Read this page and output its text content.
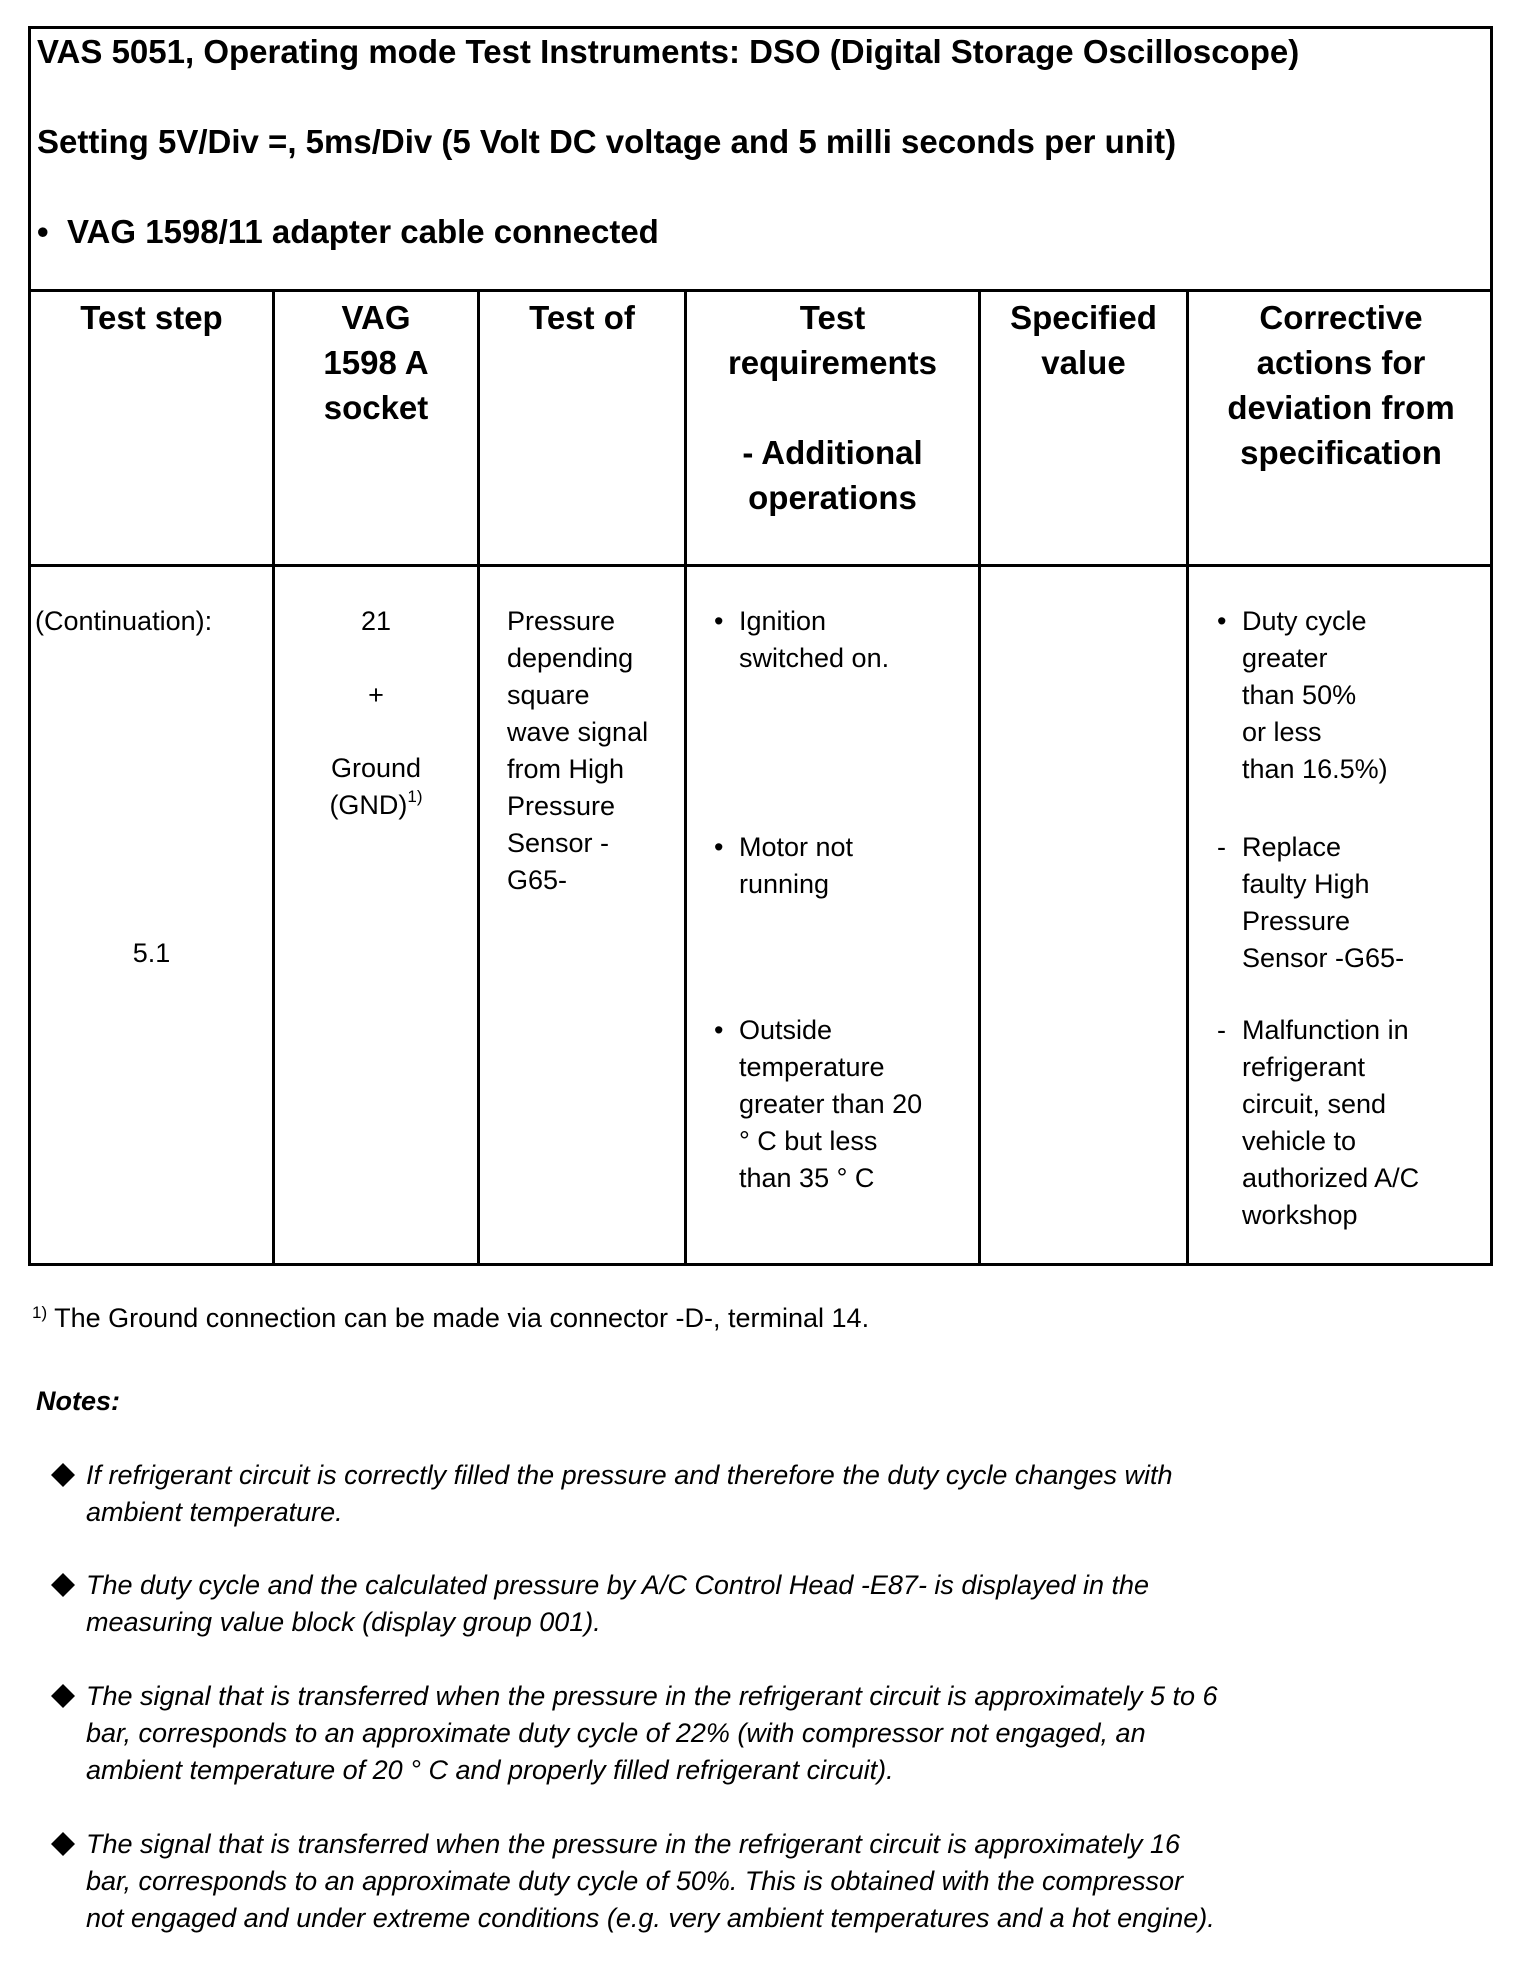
VAS 5051, Operating mode Test Instruments: DSO (Digital Storage Oscilloscope)
Setting 5V/Div =, 5ms/Div (5 Volt DC voltage and 5 milli seconds per unit)
• VAG 1598/11 adapter cable connected
Test step	VAG
1598 A
socket
Test of	Test
requirements
- Additional
operations
Specified
value
Corrective
actions for
deviation from
specification
(Continuation):
5.1
21
+
Ground
(GND)$^{1)}$
Pressure
depending
square
wave signal
from High
Pressure
Sensor -
G65-
• Ignition
switched on.
• Motor not
running
• Outside
temperature
greater than 20
° C but less
than 35 ° C
• Duty cycle
greater
than 50%
or less
than 16.5%)
- Replace
faulty High
Pressure
Sensor -G65-
- Malfunction in
refrigerant
circuit, send
vehicle to
authorized A/C
workshop
$^{1)}$ The Ground connection can be made via connector -D-, terminal 14.
Notes:
If refrigerant circuit is correctly filled the pressure and therefore the duty cycle changes with
ambient temperature.
The duty cycle and the calculated pressure by A/C Control Head -E87- is displayed in the
measuring value block (display group 001).
The signal that is transferred when the pressure in the refrigerant circuit is approximately 5 to 6
bar, corresponds to an approximate duty cycle of 22% (with compressor not engaged, an
ambient temperature of 20 ° C and properly filled refrigerant circuit).
The signal that is transferred when the pressure in the refrigerant circuit is approximately 16
bar, corresponds to an approximate duty cycle of 50%. This is obtained with the compressor
not engaged and under extreme conditions (e.g. very ambient temperatures and a hot engine).
